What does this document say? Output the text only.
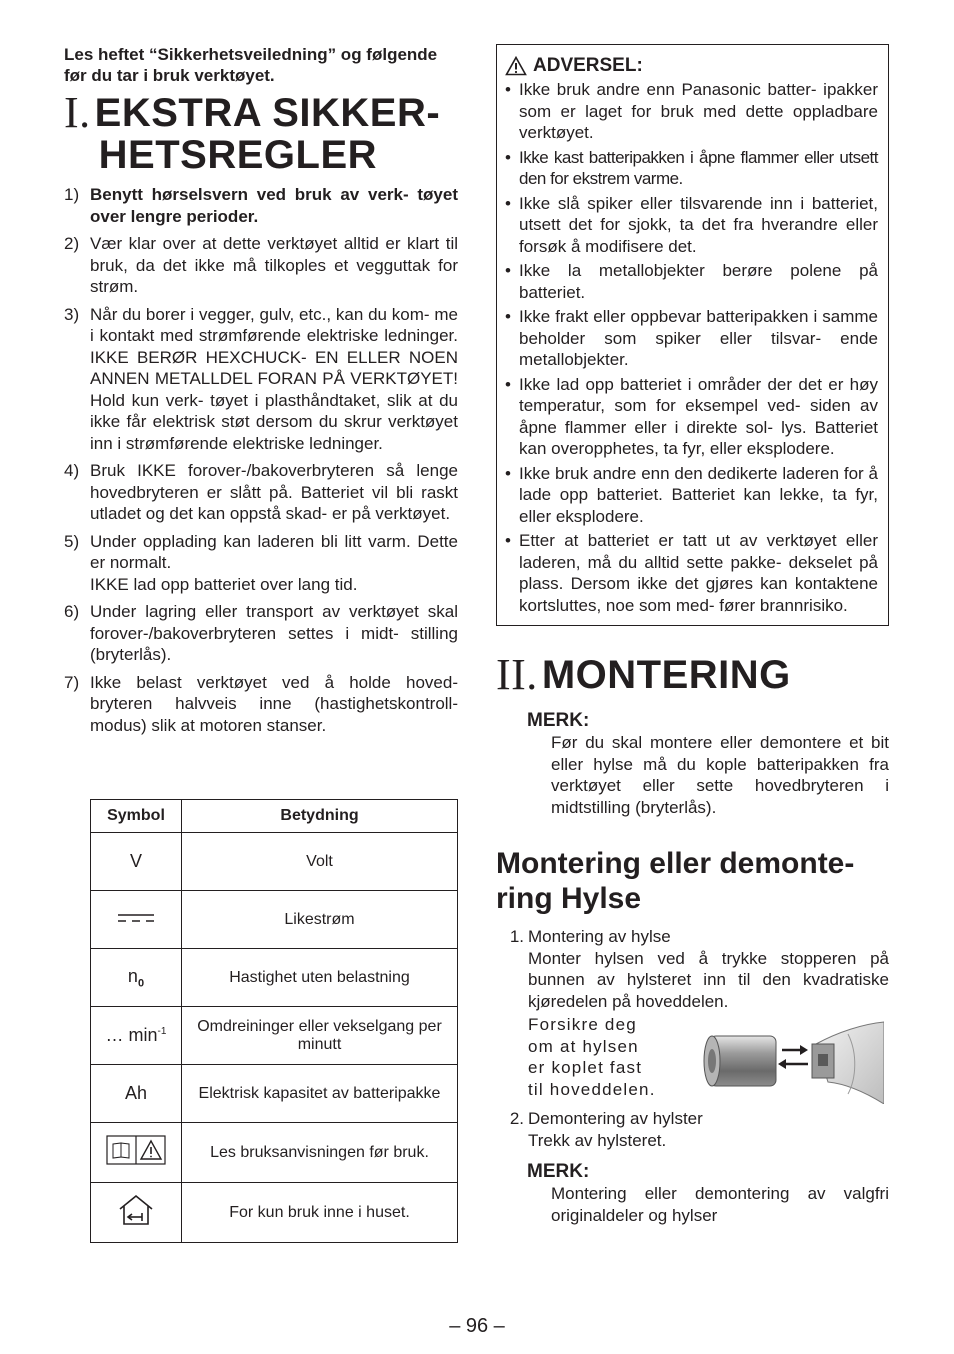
Les heftet “Sikkerhetsveiledning” og følgende før du tar i bruk verktøyet.

I. EKSTRA SIKKER-
HETSREGLER
1) Benytt hørselsvern ved bruk av verk- tøyet over lengre perioder.
2) Vær klar over at dette verktøyet alltid er klart til bruk, da det ikke må tilkoples et vegguttak for strøm.
3) Når du borer i vegger, gulv, etc., kan du kom- me i kontakt med strømførende elektriske ledninger. IKKE BERØR HEXCHUCK- EN ELLER NOEN ANNEN METALLDEL FORAN PÅ VERKTØYET! Hold kun verk- tøyet i plasthåndtaket, slik at du ikke får elektrisk støt dersom du skrur verktøyet inn i strømførende elektriske ledninger.
4) Bruk IKKE forover-/bakoverbryteren så lenge hovedbryteren er slått på. Batteriet vil bli raskt utladet og det kan oppstå skad- er på verktøyet.
5) Under opplading kan laderen bli litt varm. Dette er normalt.
IKKE lad opp batteriet over lang tid.
6) Under lagring eller transport av verktøyet skal forover-/bakoverbryteren settes i midt- stilling (bryterlås).
7) Ikke belast verktøyet ved å holde hoved- bryteren halvveis inne (hastighetskontroll- modus) slik at motoren stanser.
Symbol	Betydning
V	Volt
	Likestrøm
$n_0$	Hastighet uten belastning
… $\min^{-1}$	Omdreininger eller vekselgang per minutt
Ah	Elektrisk kapasitet av batteripakke
	Les bruksanvisningen før bruk.
	For kun bruk inne i huset.
ADVERSEL:
• Ikke bruk andre enn Panasonic batter- ipakker som er laget for bruk med dette oppladbare verktøyet.
• Ikke kast batteripakken i åpne flammer eller utsett den for ekstrem varme.
• Ikke slå spiker eller tilsvarende inn i batteriet, utsett det for sjokk, ta det fra hverandre eller forsøk å modifisere det.
• Ikke la metallobjekter berøre polene på batteriet.
• Ikke frakt eller oppbevar batteripakken i samme beholder som spiker eller tilsvar- ende metallobjekter.
• Ikke lad opp batteriet i områder der det er høy temperatur, som for eksempel ved- siden av åpne flammer eller i direkte sol- lys. Batteriet kan overopphetes, ta fyr, eller eksplodere.
• Ikke bruk andre enn den dedikerte laderen for å lade opp batteriet. Batteriet kan lekke, ta fyr, eller eksplodere.
• Etter at batteriet er tatt ut av verktøyet eller laderen, må du alltid sette pakke- dekselet på plass. Dersom ikke det gjøres kan kontaktene kortsluttes, noe som med- fører brannrisiko.
II. MONTERING
MERK:

Før du skal montere eller demontere et bit eller hylse må du kople batteripakken fra verktøyet eller sette hovedbryteren i midtstilling (bryterlås).

Montering eller demonte- ring Hylse
1. Montering av hylse
Monter hylsen ved å trykke stopperen på bunnen av hylsteret inn til den kvadratiske kjøredelen på hoveddelen.
Forsikre deg om at hylsen er koplet fast til hoveddelen.
2. Demontering av hylster
Trekk av hylsteret.
MERK:

Montering eller demontering av valgfri originaldeler og hylser

– 96 –
